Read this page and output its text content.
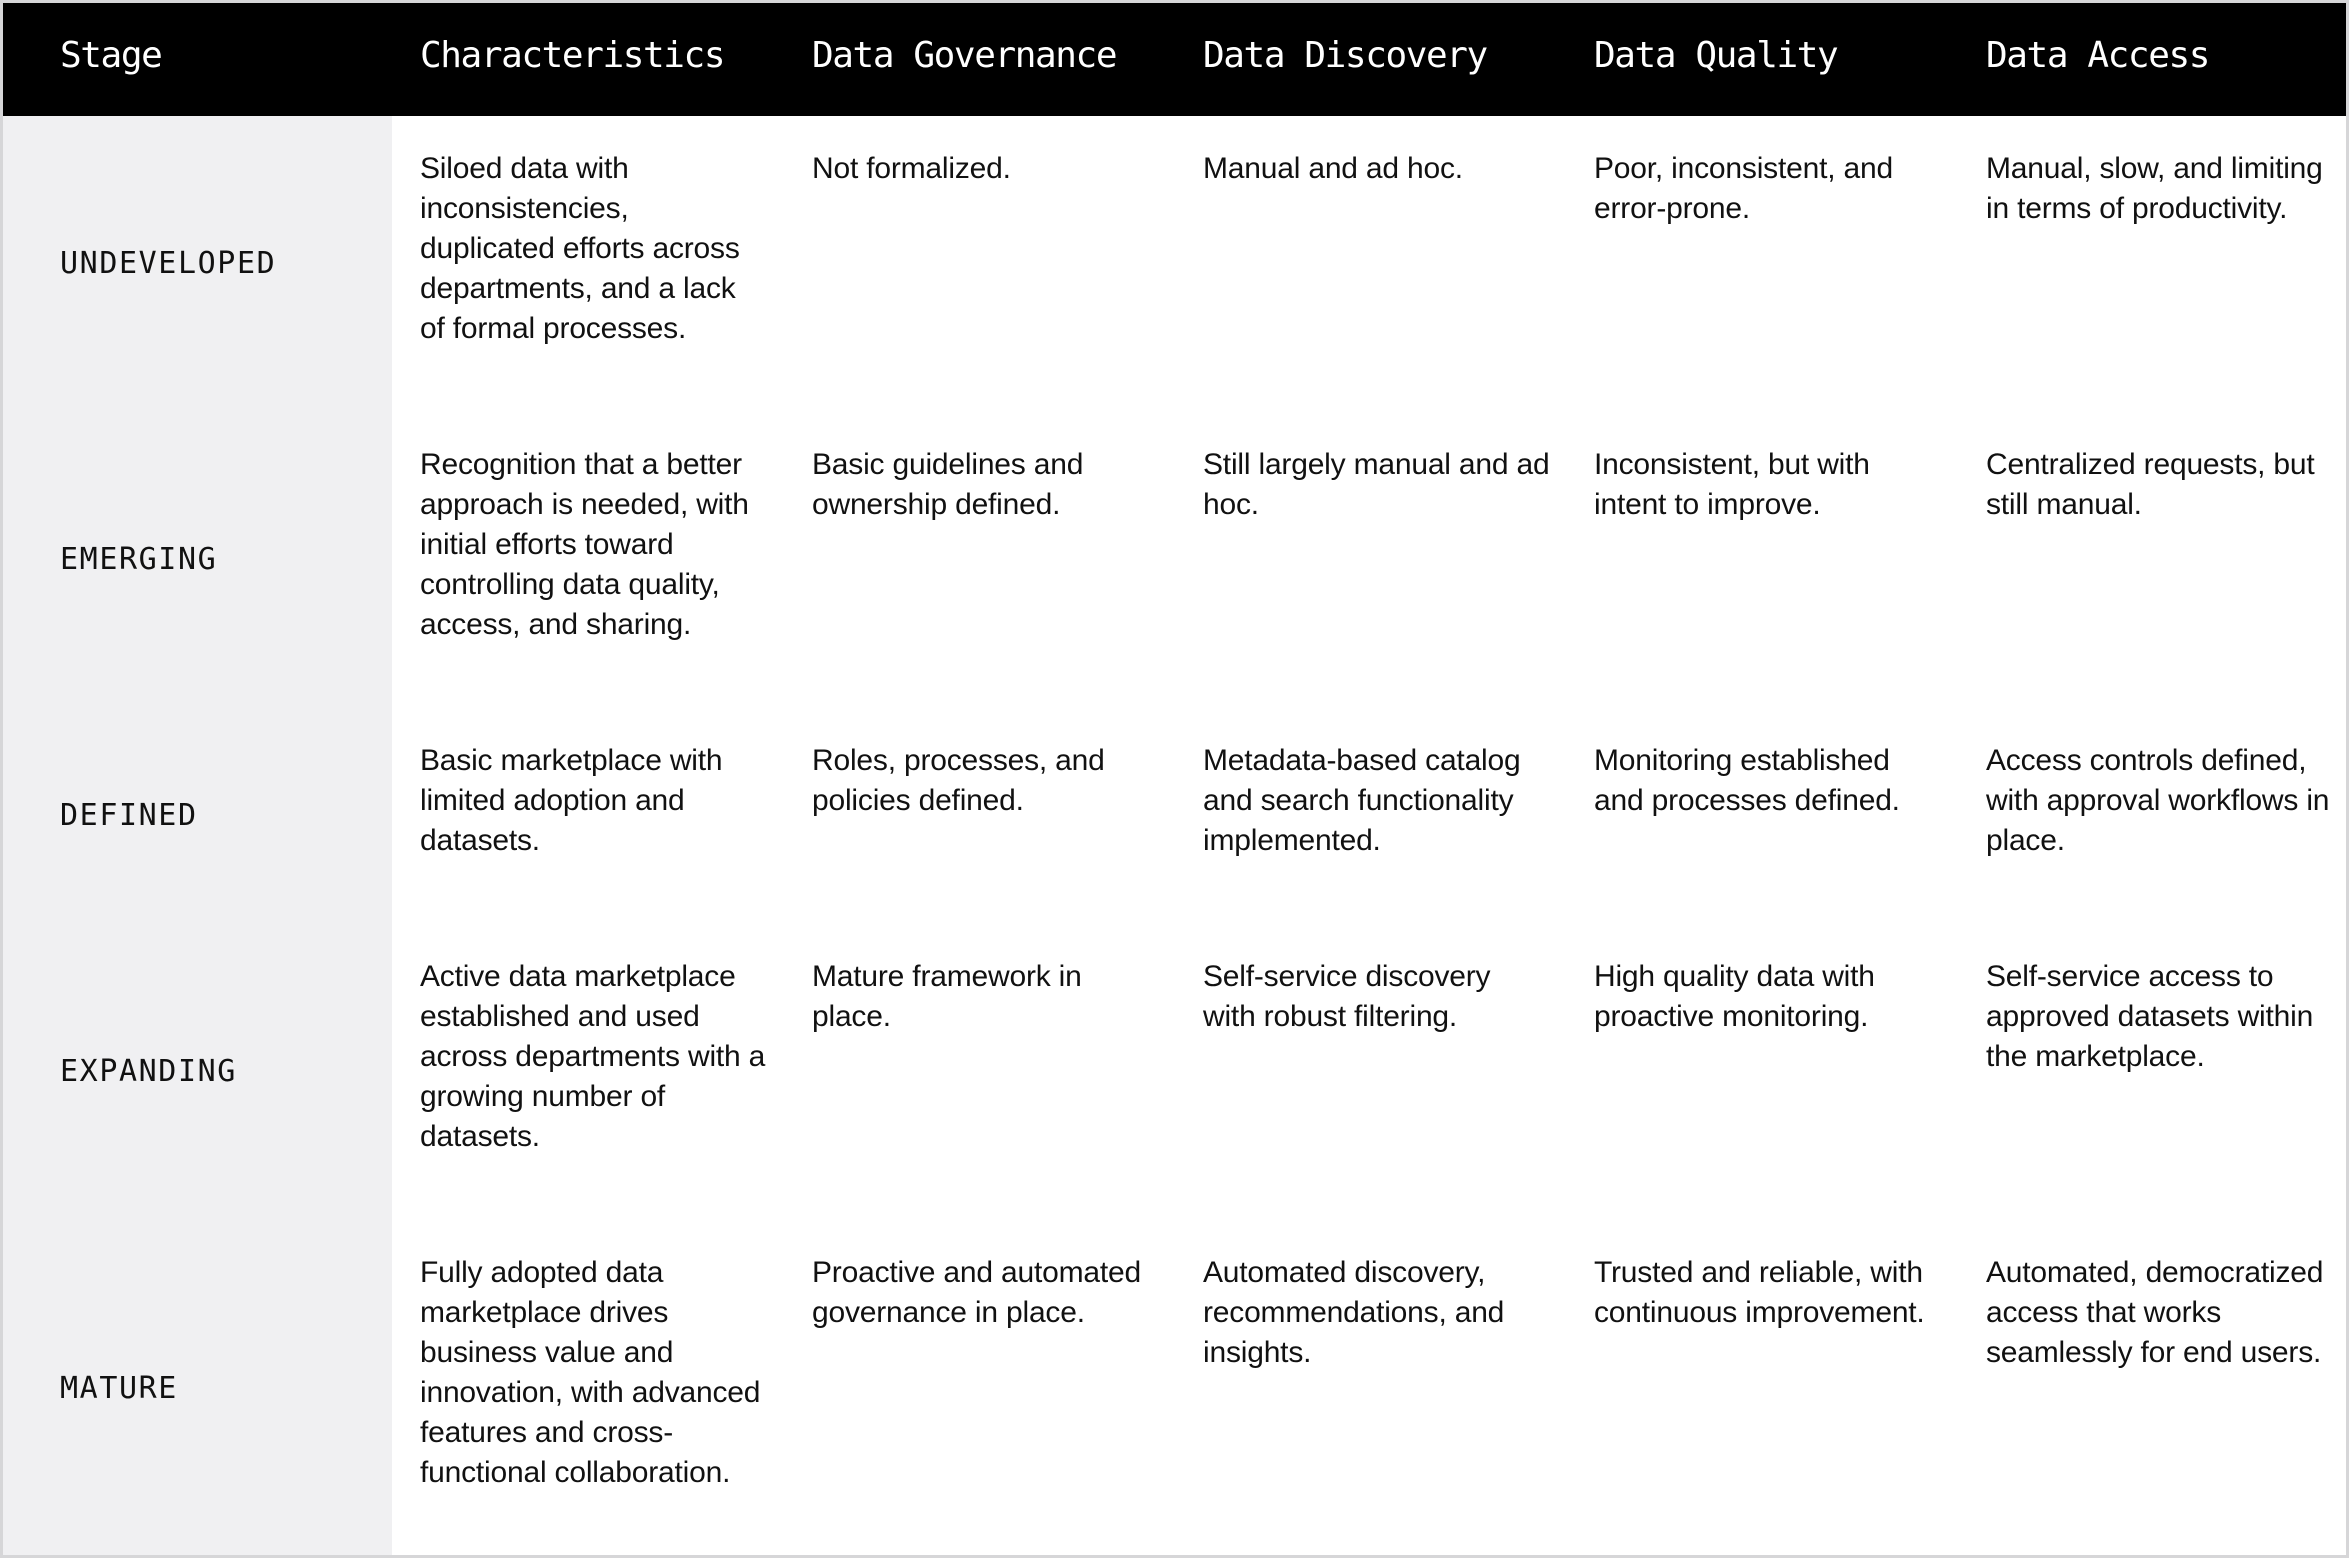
Stage	Characteristics	Data Governance	Data Discovery	Data Quality	Data Access
UNDEVELOPED	Siloed data with inconsistencies, duplicated efforts across departments, and a lack of formal processes.	Not formalized.	Manual and ad hoc.	Poor, inconsistent, and error-prone.	Manual, slow, and limiting in terms of productivity.
EMERGING	Recognition that a better approach is needed, with initial efforts toward controlling data quality, access, and sharing.	Basic guidelines and ownership defined.	Still largely manual and ad hoc.	Inconsistent, but with intent to improve.	Centralized requests, but still manual.
DEFINED	Basic marketplace with limited adoption and datasets.	Roles, processes, and policies defined.	Metadata-based catalog and search functionality implemented.	Monitoring established and processes defined.	Access controls defined, with approval workflows in place.
EXPANDING	Active data marketplace established and used across departments with a growing number of datasets.	Mature framework in place.	Self-service discovery with robust filtering.	High quality data with proactive monitoring.	Self-service access to approved datasets within the marketplace.
MATURE	Fully adopted data marketplace drives business value and innovation, with advanced features and cross-functional collaboration.	Proactive and automated governance in place.	Automated discovery, recommendations, and insights.	Trusted and reliable, with continuous improvement.	Automated, democratized access that works seamlessly for end users.
